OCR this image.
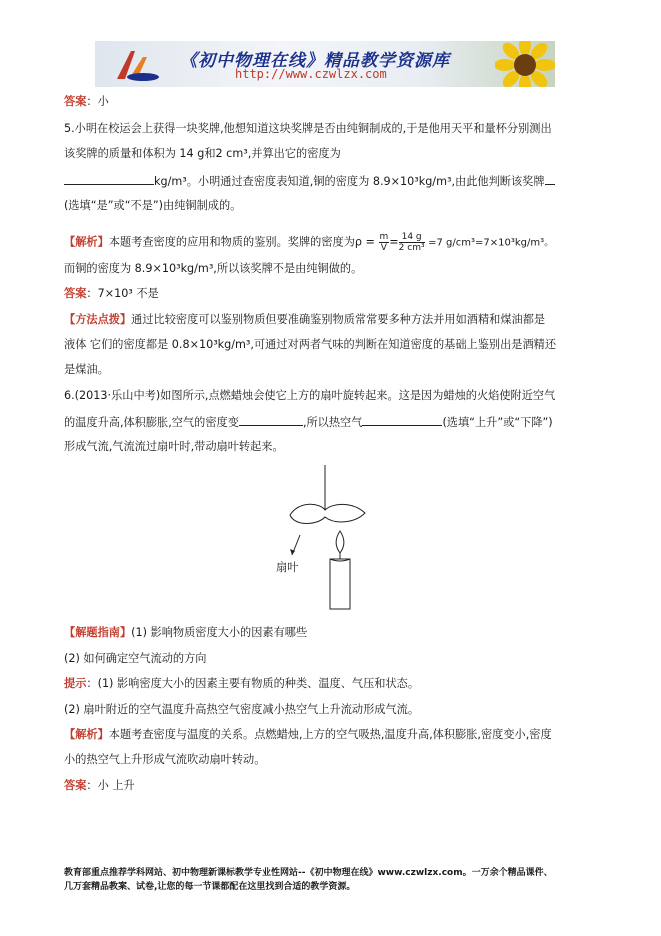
《初中物理在线》精品教学资源库
http://www.czwlzx.com
答案：小
5.小明在校运会上获得一块奖牌,他想知道这块奖牌是否由纯铜制成的,于是他用天平和量杯分别测出
该奖牌的质量和体积为 14 g和2 cm³,并算出它的密度为
kg/m³。小明通过查密度表知道,铜的密度为 8.9×10³kg/m³,由此他判断该奖牌
(选填“是”或“不是”)由纯铜制成的。
【解析】本题考查密度的应用和物质的鉴别。奖牌的密度为$\rho = \frac{m}{V}= \frac{14 g}{\text{2 cm³}} =7$ g/cm³=7×10³kg/m³。
而铜的密度为 8.9×10³kg/m³,所以该奖牌不是由纯铜做的。
答案：7×10³ 不是
【方法点拨】通过比较密度可以鉴别物质但要准确鉴别物质常常要多种方法并用如酒精和煤油都是
液体 它们的密度都是 0.8×10³kg/m³,可通过对两者气味的判断在知道密度的基础上鉴别出是酒精还
是煤油。
6.(2013·乐山中考)如图所示,点燃蜡烛会使它上方的扇叶旋转起来。这是因为蜡烛的火焰使附近空气
的温度升高,体积膨胀,空气的密度变	,所以热空气	(选填“上升”或“下降”)
形成气流,气流流过扇叶时,带动扇叶转起来。
扇叶
【解题指南】(1) 影响物质密度大小的因素有哪些
(2) 如何确定空气流动的方向
提示：(1) 影响密度大小的因素主要有物质的种类、温度、气压和状态。
(2) 扇叶附近的空气温度升高热空气密度减小热空气上升流动形成气流。
【解析】本题考查密度与温度的关系。点燃蜡烛,上方的空气吸热,温度升高,体积膨胀,密度变小,密度
小的热空气上升形成气流吹动扇叶转动。
答案：小 上升
教育部重点推荐学科网站、初中物理新课标教学专业性网站--《初中物理在线》www.czwlzx.com。一万余个精品课件、
几万套精品教案、试卷,让您的每一节课都配在这里找到合适的教学资源。
